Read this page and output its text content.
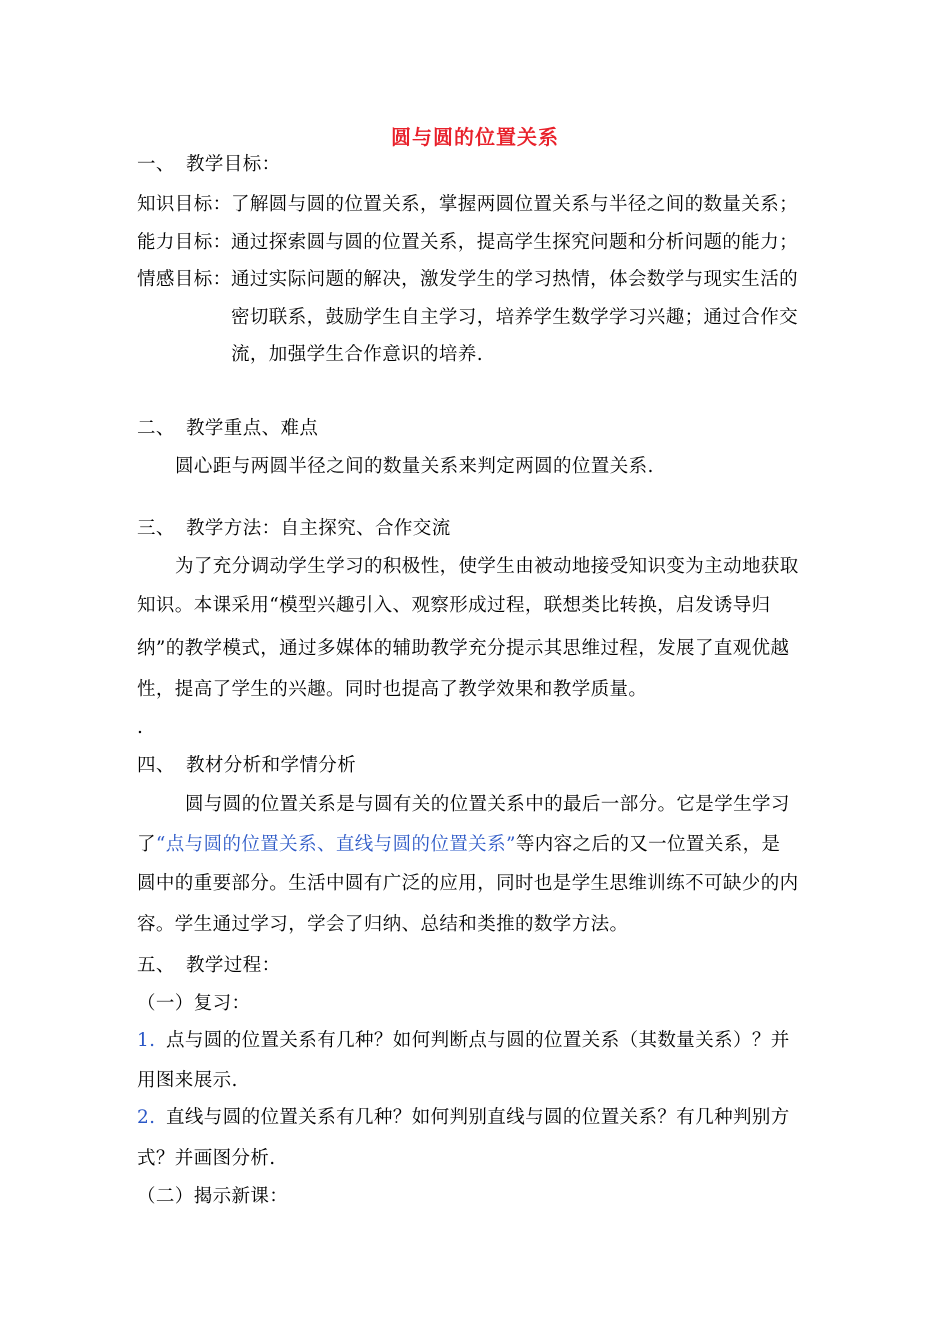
圆与圆的位置关系
一、 教学目标：
知识目标： 了解圆与圆的位置关系，掌握两圆位置关系与半径之间的数量关系；
能力目标： 通过探索圆与圆的位置关系，提高学生探究问题和分析问题的能力；
情感目标： 通过实际问题的解决，激发学生的学习热情，体会数学与现实生活的
密切联系，鼓励学生自主学习，培养学生数学学习兴趣；通过合作交
流，加强学生合作意识的培养.
二、 教学重点、难点
圆心距与两圆半径之间的数量关系来判定两圆的位置关系.
三、 教学方法：自主探究、合作交流
为了充分调动学生学习的积极性，使学生由被动地接受知识变为主动地获取
知识。本课采用“模型兴趣引入、观察形成过程，联想类比转换，启发诱导归
纳”的教学模式，通过多媒体的辅助教学充分提示其思维过程，发展了直观优越
性，提高了学生的兴趣。同时也提高了教学效果和教学质量。
.
四、 教材分析和学情分析
圆与圆的位置关系是与圆有关的位置关系中的最后一部分。它是学生学习
了“点与圆的位置关系、直线与圆的位置关系”等内容之后的又一位置关系，是
圆中的重要部分。生活中圆有广泛的应用，同时也是学生思维训练不可缺少的内
容。学生通过学习，学会了归纳、总结和类推的数学方法。
五、 教学过程：
（一）复习：
1. 点与圆的位置关系有几种？如何判断点与圆的位置关系（其数量关系）？并
用图来展示.
2. 直线与圆的位置关系有几种？如何判别直线与圆的位置关系？有几种判别方
式？并画图分析.
（二）揭示新课：
